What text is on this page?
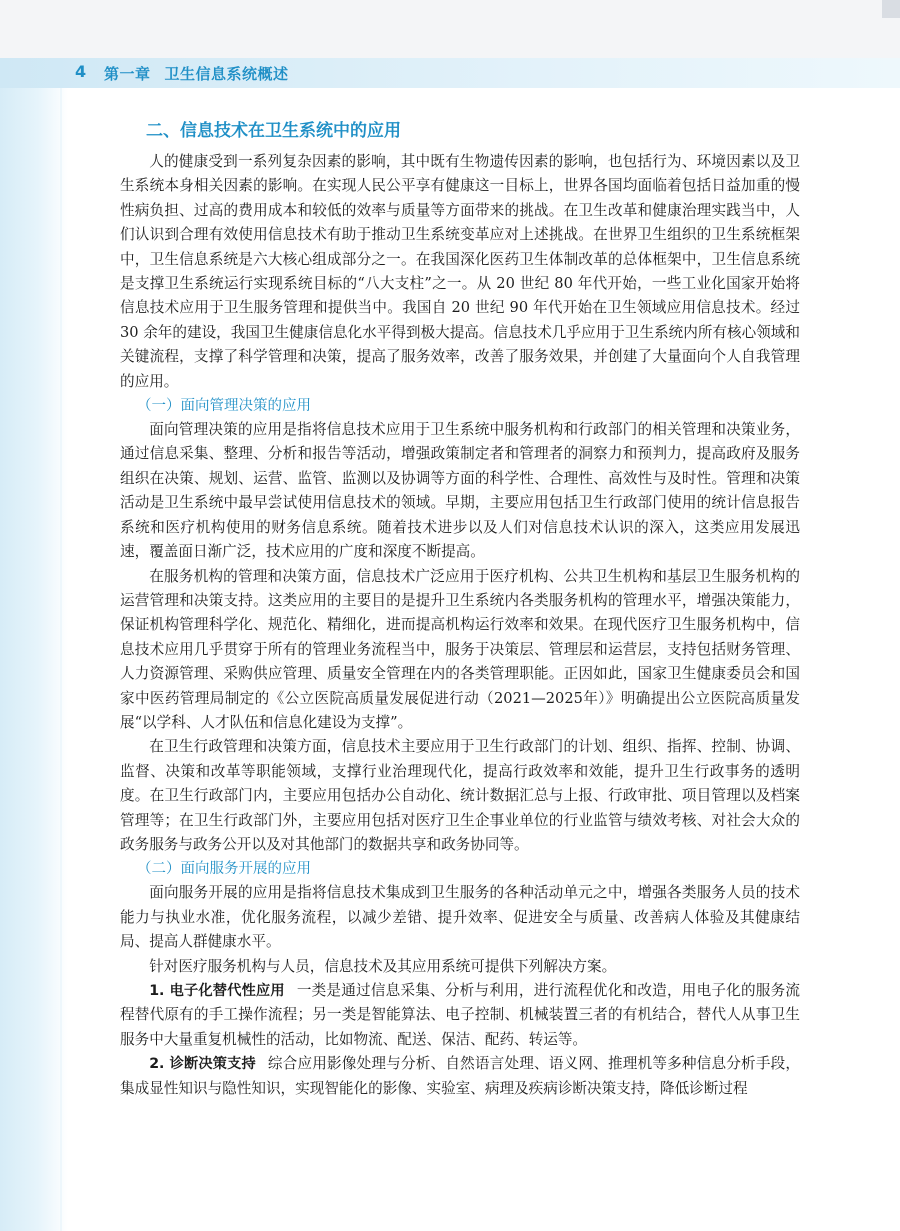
4 第一章 卫生信息系统概述
二、信息技术在卫生系统中的应用

人的健康受到一系列复杂因素的影响，其中既有生物遗传因素的影响，也包括行为、环境因素以及卫生系统本身相关因素的影响。在实现人民公平享有健康这一目标上，世界各国均面临着包括日益加重的慢性病负担、过高的费用成本和较低的效率与质量等方面带来的挑战。在卫生改革和健康治理实践当中，人们认识到合理有效使用信息技术有助于推动卫生系统变革应对上述挑战。在世界卫生组织的卫生系统框架中，卫生信息系统是六大核心组成部分之一。在我国深化医药卫生体制改革的总体框架中，卫生信息系统是支撑卫生系统运行实现系统目标的“八大支柱”之一。从 20 世纪 80 年代开始，一些工业化国家开始将信息技术应用于卫生服务管理和提供当中。我国自 20 世纪 90 年代开始在卫生领域应用信息技术。经过 30 余年的建设，我国卫生健康信息化水平得到极大提高。信息技术几乎应用于卫生系统内所有核心领域和关键流程，支撑了科学管理和决策，提高了服务效率，改善了服务效果，并创建了大量面向个人自我管理的应用。

（一）面向管理决策的应用

面向管理决策的应用是指将信息技术应用于卫生系统中服务机构和行政部门的相关管理和决策业务，通过信息采集、整理、分析和报告等活动，增强政策制定者和管理者的洞察力和预判力，提高政府及服务组织在决策、规划、运营、监管、监测以及协调等方面的科学性、合理性、高效性与及时性。管理和决策活动是卫生系统中最早尝试使用信息技术的领域。早期，主要应用包括卫生行政部门使用的统计信息报告系统和医疗机构使用的财务信息系统。随着技术进步以及人们对信息技术认识的深入，这类应用发展迅速，覆盖面日渐广泛，技术应用的广度和深度不断提高。

在服务机构的管理和决策方面，信息技术广泛应用于医疗机构、公共卫生机构和基层卫生服务机构的运营管理和决策支持。这类应用的主要目的是提升卫生系统内各类服务机构的管理水平，增强决策能力，保证机构管理科学化、规范化、精细化，进而提高机构运行效率和效果。在现代医疗卫生服务机构中，信息技术应用几乎贯穿于所有的管理业务流程当中，服务于决策层、管理层和运营层，支持包括财务管理、人力资源管理、采购供应管理、质量安全管理在内的各类管理职能。正因如此，国家卫生健康委员会和国家中医药管理局制定的《公立医院高质量发展促进行动（2021—2025年）》明确提出公立医院高质量发展“以学科、人才队伍和信息化建设为支撑”。

在卫生行政管理和决策方面，信息技术主要应用于卫生行政部门的计划、组织、指挥、控制、协调、监督、决策和改革等职能领域，支撑行业治理现代化，提高行政效率和效能，提升卫生行政事务的透明度。在卫生行政部门内，主要应用包括办公自动化、统计数据汇总与上报、行政审批、项目管理以及档案管理等；在卫生行政部门外，主要应用包括对医疗卫生企事业单位的行业监管与绩效考核、对社会大众的政务服务与政务公开以及对其他部门的数据共享和政务协同等。

（二）面向服务开展的应用

面向服务开展的应用是指将信息技术集成到卫生服务的各种活动单元之中，增强各类服务人员的技术能力与执业水准，优化服务流程，以减少差错、提升效率、促进安全与质量、改善病人体验及其健康结局、提高人群健康水平。

针对医疗服务机构与人员，信息技术及其应用系统可提供下列解决方案。

1. 电子化替代性应用 一类是通过信息采集、分析与利用，进行流程优化和改造，用电子化的服务流程替代原有的手工操作流程；另一类是智能算法、电子控制、机械装置三者的有机结合，替代人从事卫生服务中大量重复机械性的活动，比如物流、配送、保洁、配药、转运等。

2. 诊断决策支持 综合应用影像处理与分析、自然语言处理、语义网、推理机等多种信息分析手段，集成显性知识与隐性知识，实现智能化的影像、实验室、病理及疾病诊断决策支持，降低诊断过程
